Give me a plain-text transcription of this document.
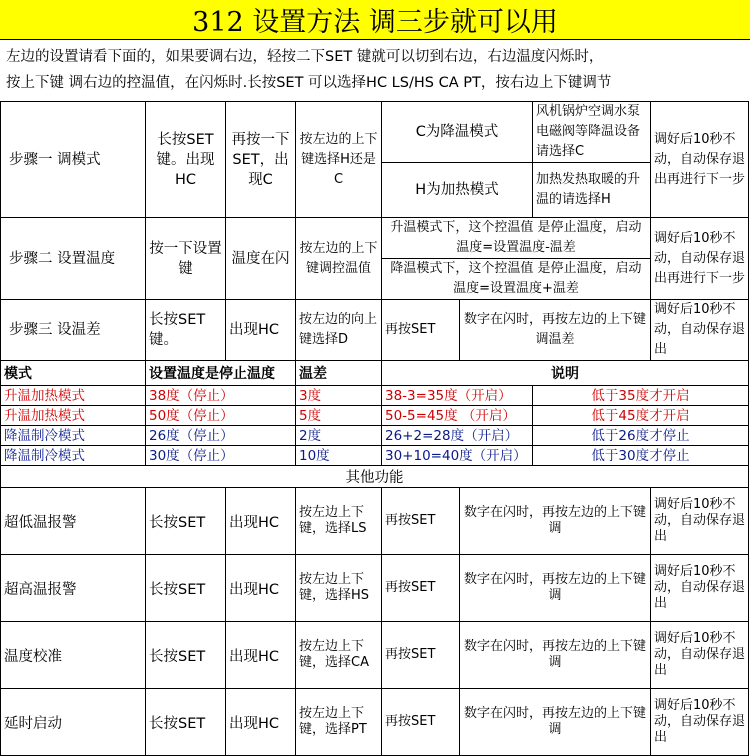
312 设置方法 调三步就可以用
左边的设置请看下面的，如果要调右边，轻按二下SET 键就可以切到右边，右边温度闪烁时，
按上下键 调右边的控温值，在闪烁时.长按SET 可以选择HC LS/HS CA PT，按右边上下键调节
步骤一 调模式	长按SET键。出现HC	再按一下SET，出现C	按左边的上下键选择H还是C	C为降温模式		风机锅炉空调水泵电磁阀等降温设备请选择C	调好后10秒不动，自动保存退出再进行下一步
				H为加热模式		加热发热取暖的升温的请选择H	
步骤二 设置温度	按一下设置键	温度在闪	按左边的上下键调控温值	升温模式下，这个控温值 是停止温度，启动温度=设置温度-温差			调好后10秒不动，自动保存退出再进行下一步
				降温模式下，这个控温值 是停止温度，启动温度=设置温度+温差			
步骤三 设温差	长按SET键。	出现HC	按左边的向上键选择D	再按SET	数字在闪时，再按左边的上下键调温差		调好后10秒不动，自动保存退出
模式	设置温度是停止温度		温差	说明			
升温加热模式	38度（停止）		3度	38-3=35度（开启）		低于35度才开启	
升温加热模式	50度（停止）		5度	50-5=45度 （开启）		低于45度才开启	
降温制冷模式	26度（停止）		2度	26+2=28度（开启）		低于26度才停止	
降温制冷模式	30度（停止）		10度	30+10=40度（开启）		低于30度才停止	
其他功能							
超低温报警	长按SET	出现HC	按左边上下键，选择LS	再按SET	数字在闪时，再按左边的上下键调		调好后10秒不动，自动保存退出
超高温报警	长按SET	出现HC	按左边上下键，选择HS	再按SET	数字在闪时，再按左边的上下键调		调好后10秒不动，自动保存退出
温度校准	长按SET	出现HC	按左边上下键，选择CA	再按SET	数字在闪时，再按左边的上下键调		调好后10秒不动，自动保存退出
延时启动	长按SET	出现HC	按左边上下键，选择PT	再按SET	数字在闪时，再按左边的上下键调		调好后10秒不动，自动保存退出
